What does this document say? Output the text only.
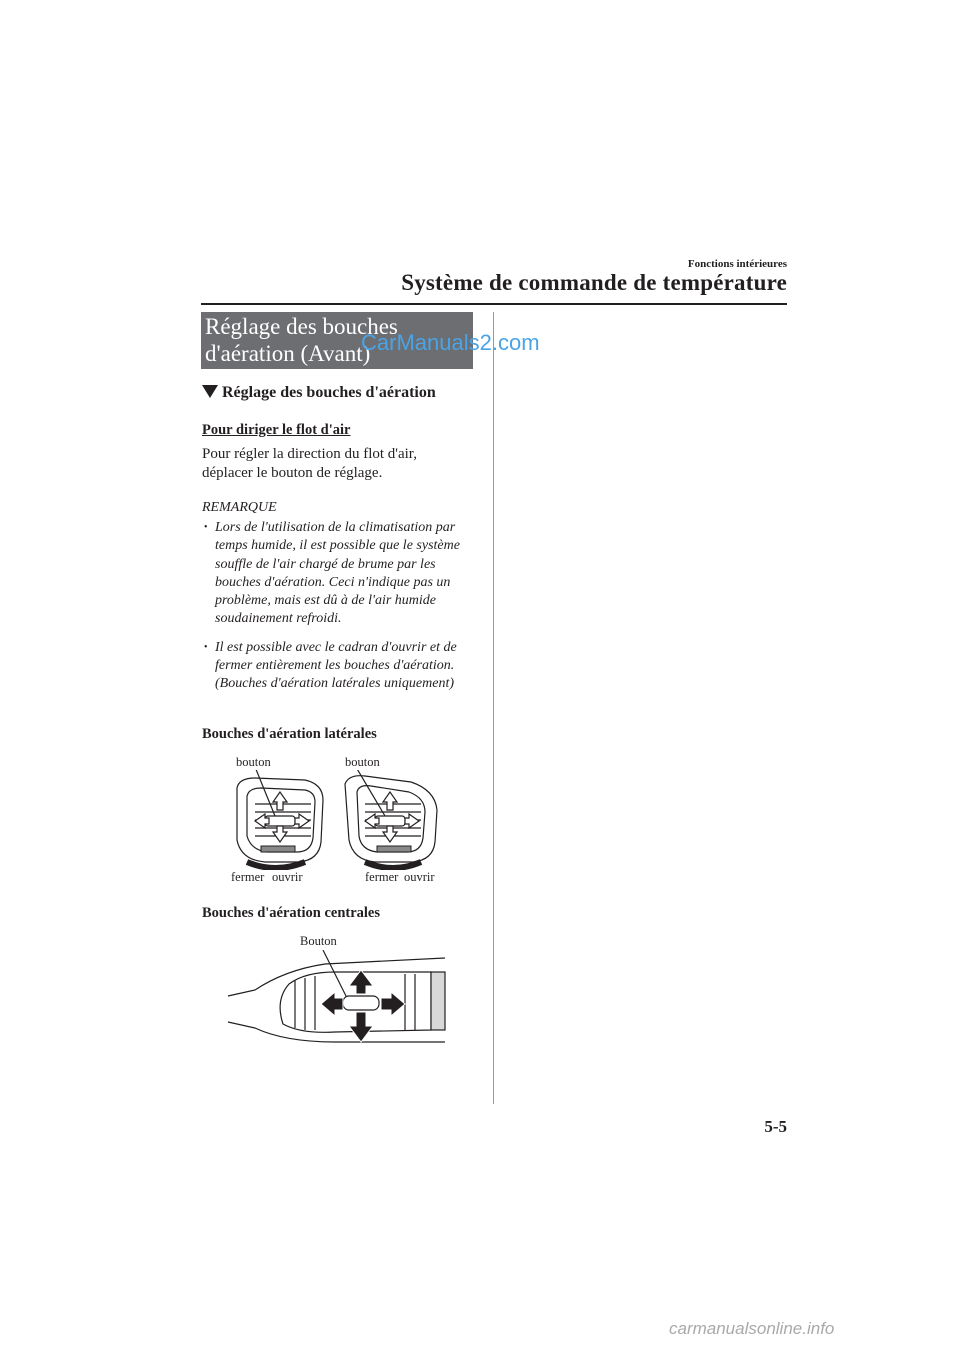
Fonctions intérieures
Système de commande de température
Réglage des bouches
d'aération (Avant)
CarManuals2.com
Réglage des bouches d'aération
Pour diriger le flot d'air
Pour régler la direction du flot d'air,
déplacer le bouton de réglage.
REMARQUE
• Lors de l'utilisation de la climatisation par temps humide, il est possible que le système souffle de l'air chargé de brume par les bouches d'aération. Ceci n'indique pas un problème, mais est dû à de l'air humide soudainement refroidi.
• Il est possible avec le cadran d'ouvrir et de fermer entièrement les bouches d'aération. (Bouches d'aération latérales uniquement)
Bouches d'aération latérales
bouton	bouton
fermer ouvrir	fermer ouvrir
Bouches d'aération centrales
Bouton
5-5
carmanualsonline.info
